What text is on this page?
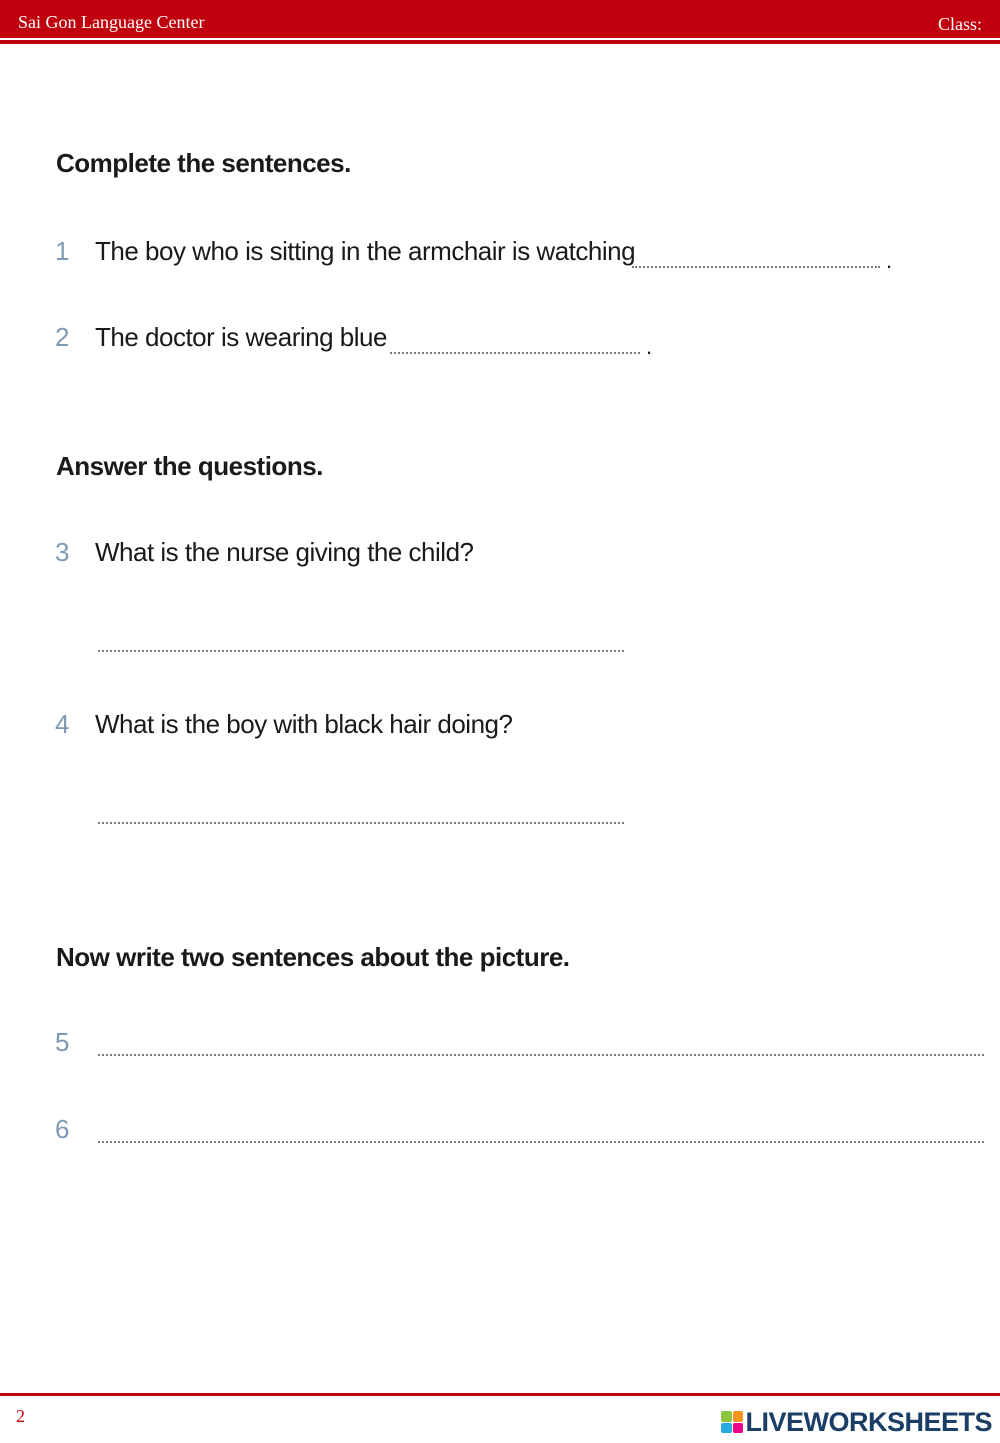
Sai Gon Language Center	Class:
Complete the sentences.
1 The boy who is sitting in the armchair is watching	.
2 The doctor is wearing blue	.
Answer the questions.
3 What is the nurse giving the child?
4 What is the boy with black hair doing?
Now write two sentences about the picture.
5
6
2	LIVEWORKSHEETS
